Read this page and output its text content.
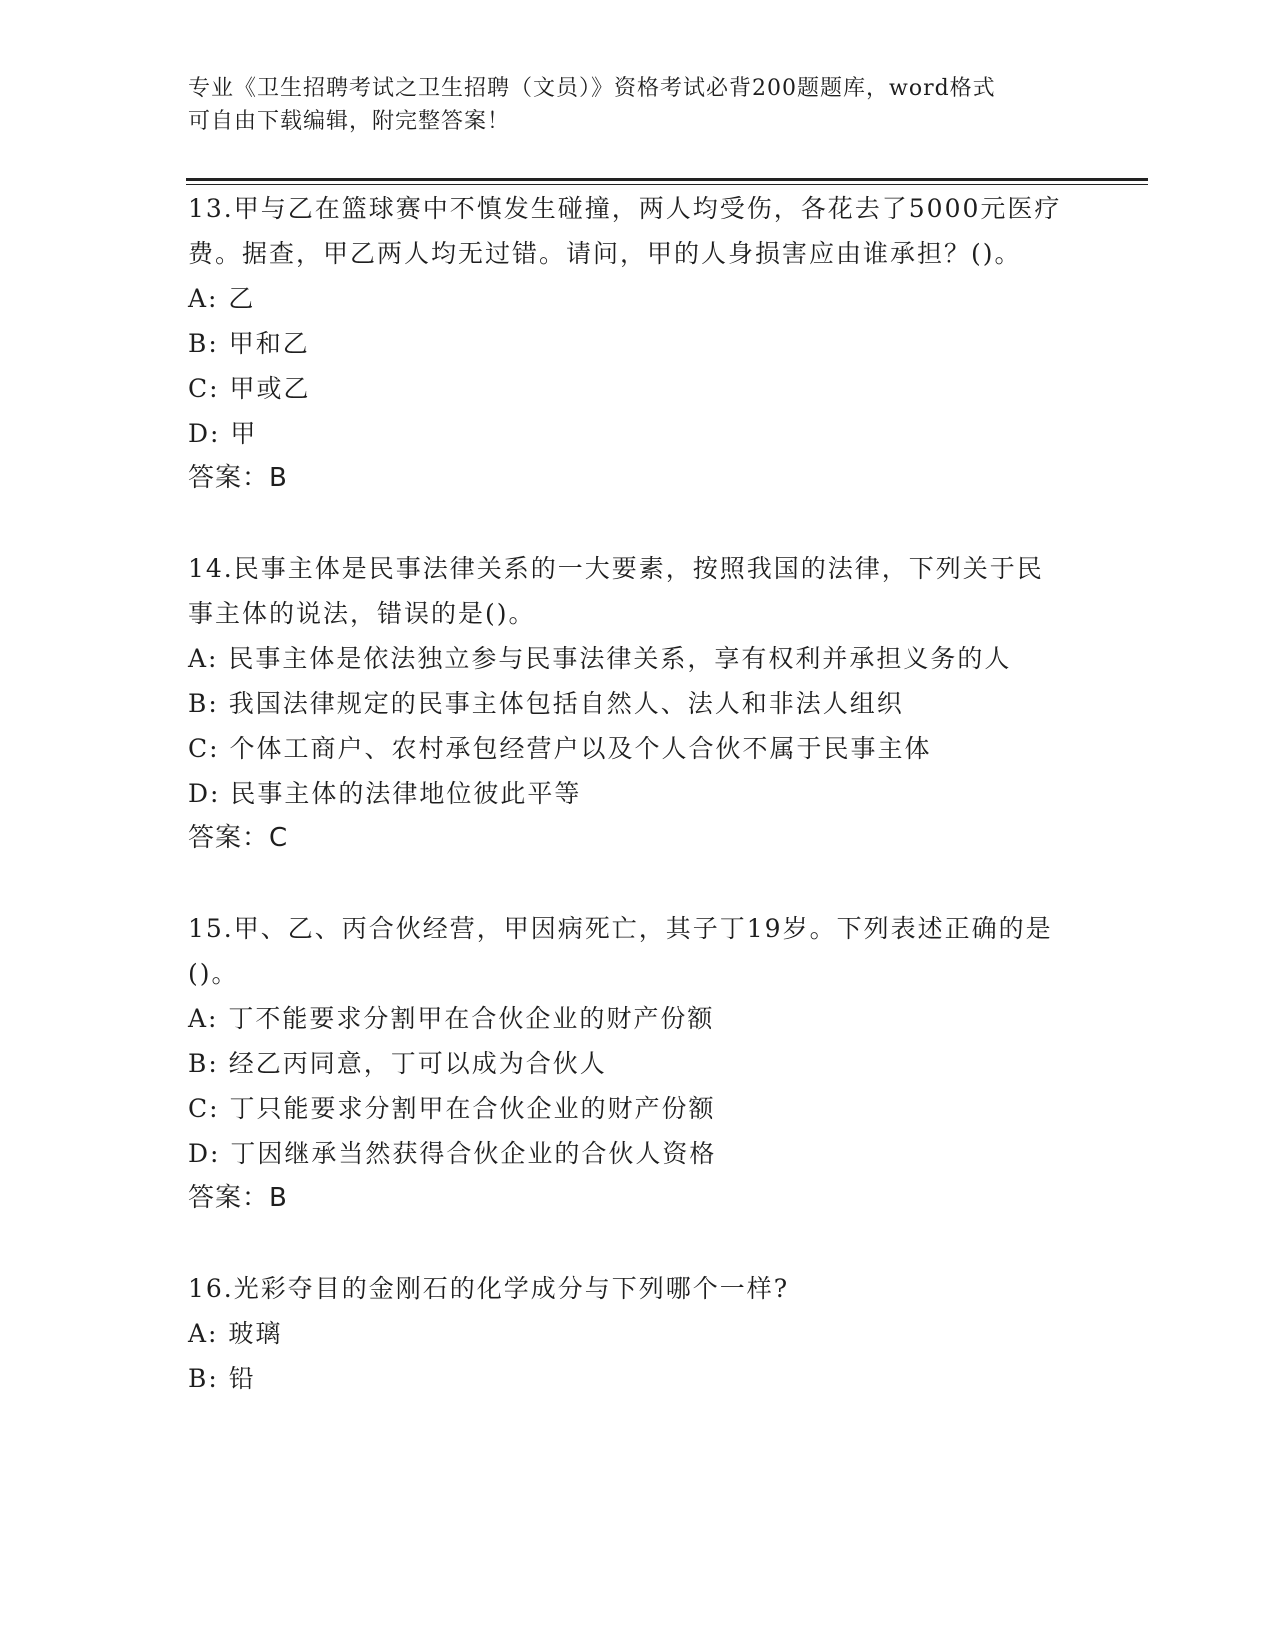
专业《卫生招聘考试之卫生招聘（文员）》资格考试必背200题题库，word格式
可自由下载编辑，附完整答案！
13.甲与乙在篮球赛中不慎发生碰撞，两人均受伤，各花去了5000元医疗费。据查，甲乙两人均无过错。请问，甲的人身损害应由谁承担？()。
A: 乙
B: 甲和乙
C: 甲或乙
D: 甲
答案：B
14.民事主体是民事法律关系的一大要素，按照我国的法律，下列关于民事主体的说法，错误的是()。
A: 民事主体是依法独立参与民事法律关系，享有权利并承担义务的人
B: 我国法律规定的民事主体包括自然人、法人和非法人组织
C: 个体工商户、农村承包经营户以及个人合伙不属于民事主体
D: 民事主体的法律地位彼此平等
答案：C
15.甲、乙、丙合伙经营，甲因病死亡，其子丁19岁。下列表述正确的是()。
A: 丁不能要求分割甲在合伙企业的财产份额
B: 经乙丙同意，丁可以成为合伙人
C: 丁只能要求分割甲在合伙企业的财产份额
D: 丁因继承当然获得合伙企业的合伙人资格
答案：B
16.光彩夺目的金刚石的化学成分与下列哪个一样?
A: 玻璃
B: 铅
